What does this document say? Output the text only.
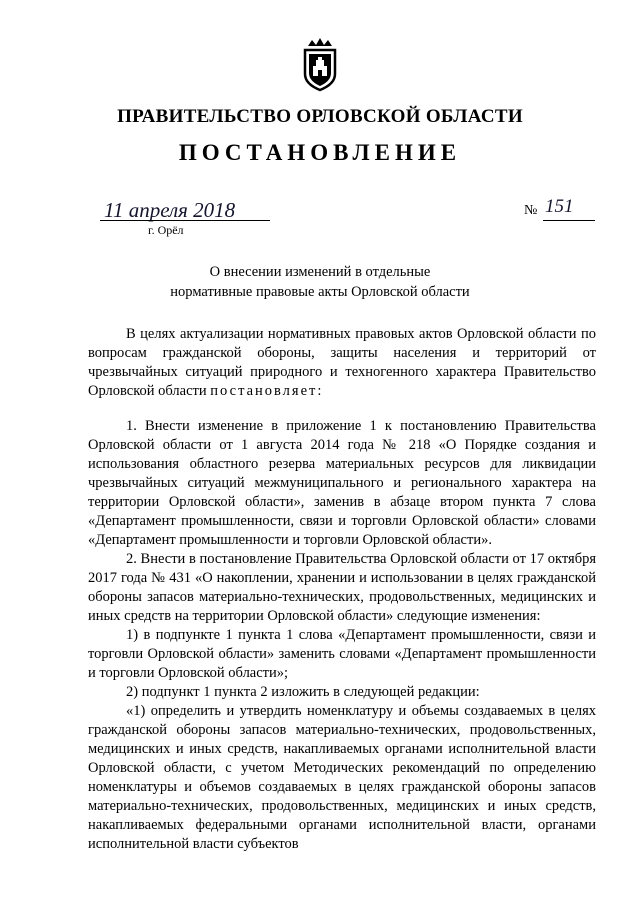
ПРАВИТЕЛЬСТВО ОРЛОВСКОЙ ОБЛАСТИ
ПОСТАНОВЛЕНИЕ
11 апреля 2018
г. Орёл
№ 151
О внесении изменений в отдельные
нормативные правовые акты Орловской области

В целях актуализации нормативных правовых актов Орловской области по вопросам гражданской обороны, защиты населения и территорий от чрезвычайных ситуаций природного и техногенного характера Правительство Орловской области постановляет:

1. Внести изменение в приложение 1 к постановлению Правительства Орловской области от 1 августа 2014 года № 218 «О Порядке создания и использования областного резерва материальных ресурсов для ликвидации чрезвычайных ситуаций межмуниципального и регионального характера на территории Орловской области», заменив в абзаце втором пункта 7 слова «Департамент промышленности, связи и торговли Орловской области» словами «Департамент промышленности и торговли Орловской области».

2. Внести в постановление Правительства Орловской области от 17 октября 2017 года № 431 «О накоплении, хранении и использовании в целях гражданской обороны запасов материально-технических, продовольственных, медицинских и иных средств на территории Орловской области» следующие изменения:

1) в подпункте 1 пункта 1 слова «Департамент промышленности, связи и торговли Орловской области» заменить словами «Департамент промышленности и торговли Орловской области»;

2) подпункт 1 пункта 2 изложить в следующей редакции:

«1) определить и утвердить номенклатуру и объемы создаваемых в целях гражданской обороны запасов материально-технических, продовольственных, медицинских и иных средств, накапливаемых органами исполнительной власти Орловской области, с учетом Методических рекомендаций по определению номенклатуры и объемов создаваемых в целях гражданской обороны запасов материально-технических, продовольственных, медицинских и иных средств, накапливаемых федеральными органами исполнительной власти, органами исполнительной власти субъектов
